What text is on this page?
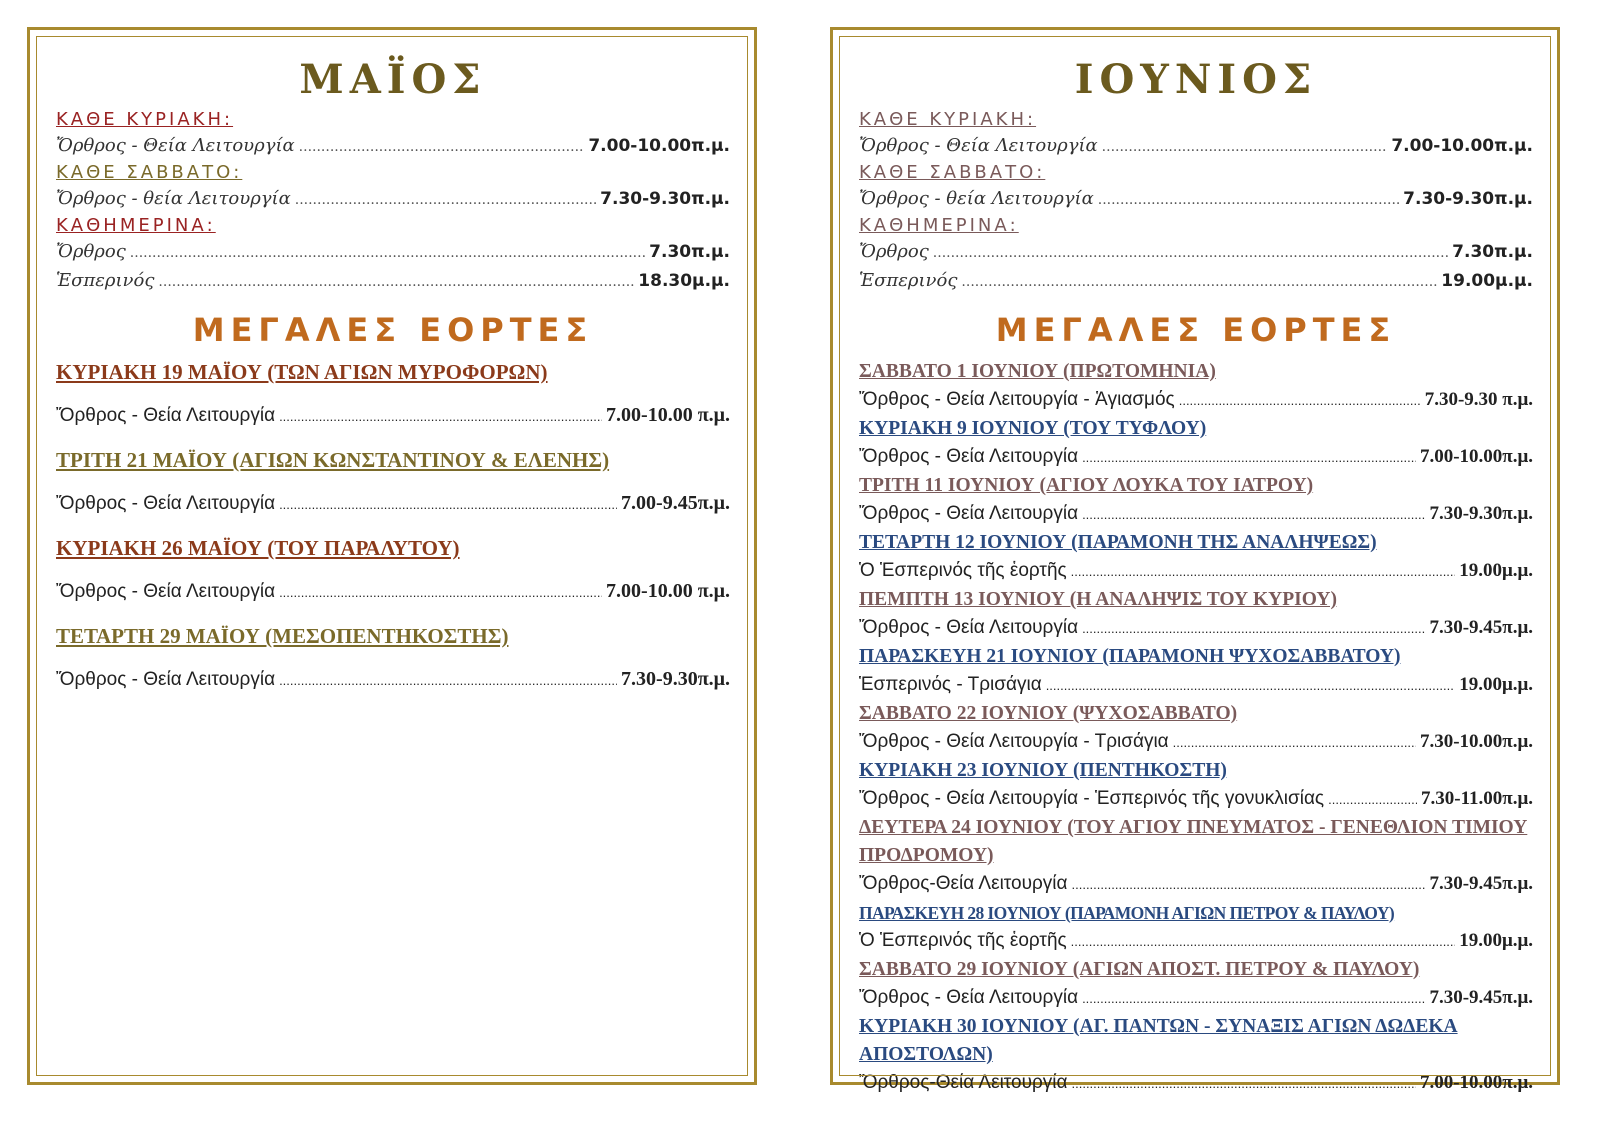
ΜΑΪΟΣ

ΚΑΘΕ ΚΥΡΙΑΚΗ:

Ὄρθρος - Θεία Λειτουργία .....	7.00-10.00π.μ.

ΚΑΘΕ ΣΑΒΒΑΤΟ:

Ὄρθρος - θεία Λειτουργία .....	7.30-9.30π.μ.

ΚΑΘΗΜΕΡΙΝΑ:

Ὄρθρος .....	7.30π.μ.
Ἑσπερινός .....	18.30μ.μ.
ΜΕΓΑΛΕΣ ΕΟΡΤΕΣ

ΚΥΡΙΑΚΗ 19 ΜΑΪΟΥ (ΤΩΝ ΑΓΙΩΝ ΜΥΡΟΦΟΡΩΝ)

Ὄρθρος - Θεία Λειτουργία .....	7.00-10.00 π.μ.

ΤΡΙΤΗ 21 ΜΑΪΟΥ (ΑΓΙΩΝ ΚΩΝΣΤΑΝΤΙΝΟΥ & ΕΛΕΝΗΣ)

Ὄρθρος - Θεία Λειτουργία .....	7.00-9.45π.μ.

ΚΥΡΙΑΚΗ 26 ΜΑΪΟΥ (ΤΟΥ ΠΑΡΑΛΥΤΟΥ)

Ὄρθρος - Θεία Λειτουργία .....	7.00-10.00 π.μ.

ΤΕΤΑΡΤΗ 29 ΜΑΪΟΥ (ΜΕΣΟΠΕΝΤΗΚΟΣΤΗΣ)

Ὄρθρος - Θεία Λειτουργία .....	7.30-9.30π.μ.
ΙΟΥΝΙΟΣ

ΚΑΘΕ ΚΥΡΙΑΚΗ:

Ὄρθρος - Θεία Λειτουργία .....	7.00-10.00π.μ.

ΚΑΘΕ ΣΑΒΒΑΤΟ:

Ὄρθρος - θεία Λειτουργία .....	7.30-9.30π.μ.

ΚΑΘΗΜΕΡΙΝΑ:

Ὄρθρος .....	7.30π.μ.
Ἑσπερινός .....	19.00μ.μ.
ΜΕΓΑΛΕΣ ΕΟΡΤΕΣ

ΣΑΒΒΑΤΟ 1 ΙΟΥΝΙΟΥ (ΠΡΩΤΟΜΗΝΙΑ)

Ὄρθρος - Θεία Λειτουργία - Ἁγιασμός .....	7.30-9.30 π.μ.

ΚΥΡΙΑΚΗ 9 ΙΟΥΝΙΟΥ (ΤΟΥ ΤΥΦΛΟΥ)

Ὄρθρος - Θεία Λειτουργία .....	7.00-10.00π.μ.

ΤΡΙΤΗ 11 ΙΟΥΝΙΟΥ (ΑΓΙΟΥ ΛΟΥΚΑ ΤΟΥ ΙΑΤΡΟΥ)

Ὄρθρος - Θεία Λειτουργία .....	7.30-9.30π.μ.

ΤΕΤΑΡΤΗ 12 ΙΟΥΝΙΟΥ (ΠΑΡΑΜΟΝΗ ΤΗΣ ΑΝΑΛΗΨΕΩΣ)

Ὁ Ἑσπερινός τῆς ἑορτῆς .....	19.00μ.μ.

ΠΕΜΠΤΗ 13 ΙΟΥΝΙΟΥ (Η ΑΝΑΛΗΨΙΣ ΤΟΥ ΚΥΡΙΟΥ)

Ὄρθρος - Θεία Λειτουργία .....	7.30-9.45π.μ.

ΠΑΡΑΣΚΕΥΗ 21 ΙΟΥΝΙΟΥ (ΠΑΡΑΜΟΝΗ ΨΥΧΟΣΑΒΒΑΤΟΥ)

Ἑσπερινός - Τρισάγια .....	19.00μ.μ.

ΣΑΒΒΑΤΟ 22 ΙΟΥΝΙΟΥ (ΨΥΧΟΣΑΒΒΑΤΟ)

Ὄρθρος - Θεία Λειτουργία - Τρισάγια .....	7.30-10.00π.μ.

ΚΥΡΙΑΚΗ 23 ΙΟΥΝΙΟΥ (ΠΕΝΤΗΚΟΣΤΗ)

Ὄρθρος - Θεία Λειτουργία - Ἑσπερινός τῆς γονυκλισίας .....	7.30-11.00π.μ.

ΔΕΥΤΕΡΑ 24 ΙΟΥΝΙΟΥ (ΤΟΥ ΑΓΙΟΥ ΠΝΕΥΜΑΤΟΣ - ΓΕΝΕΘΛΙΟΝ ΤΙΜΙΟΥ ΠΡΟΔΡΟΜΟΥ)

Ὄρθρος-Θεία Λειτουργία .....	7.30-9.45π.μ.

ΠΑΡΑΣΚΕΥΗ 28 ΙΟΥΝΙΟΥ (ΠΑΡΑΜΟΝΗ ΑΓΙΩΝ ΠΕΤΡΟΥ & ΠΑΥΛΟΥ)

Ὁ Ἑσπερινός τῆς ἑορτῆς .....	19.00μ.μ.

ΣΑΒΒΑΤΟ 29 ΙΟΥΝΙΟΥ (ΑΓΙΩΝ ΑΠΟΣΤ. ΠΕΤΡΟΥ & ΠΑΥΛΟΥ)

Ὄρθρος - Θεία Λειτουργία .....	7.30-9.45π.μ.

ΚΥΡΙΑΚΗ 30 ΙΟΥΝΙΟΥ (ΑΓ. ΠΑΝΤΩΝ - ΣΥΝΑΞΙΣ ΑΓΙΩΝ ΔΩΔΕΚΑ ΑΠΟΣΤΟΛΩΝ)

Ὄρθρος-Θεία Λειτουργία .....	7.00-10.00π.μ.
